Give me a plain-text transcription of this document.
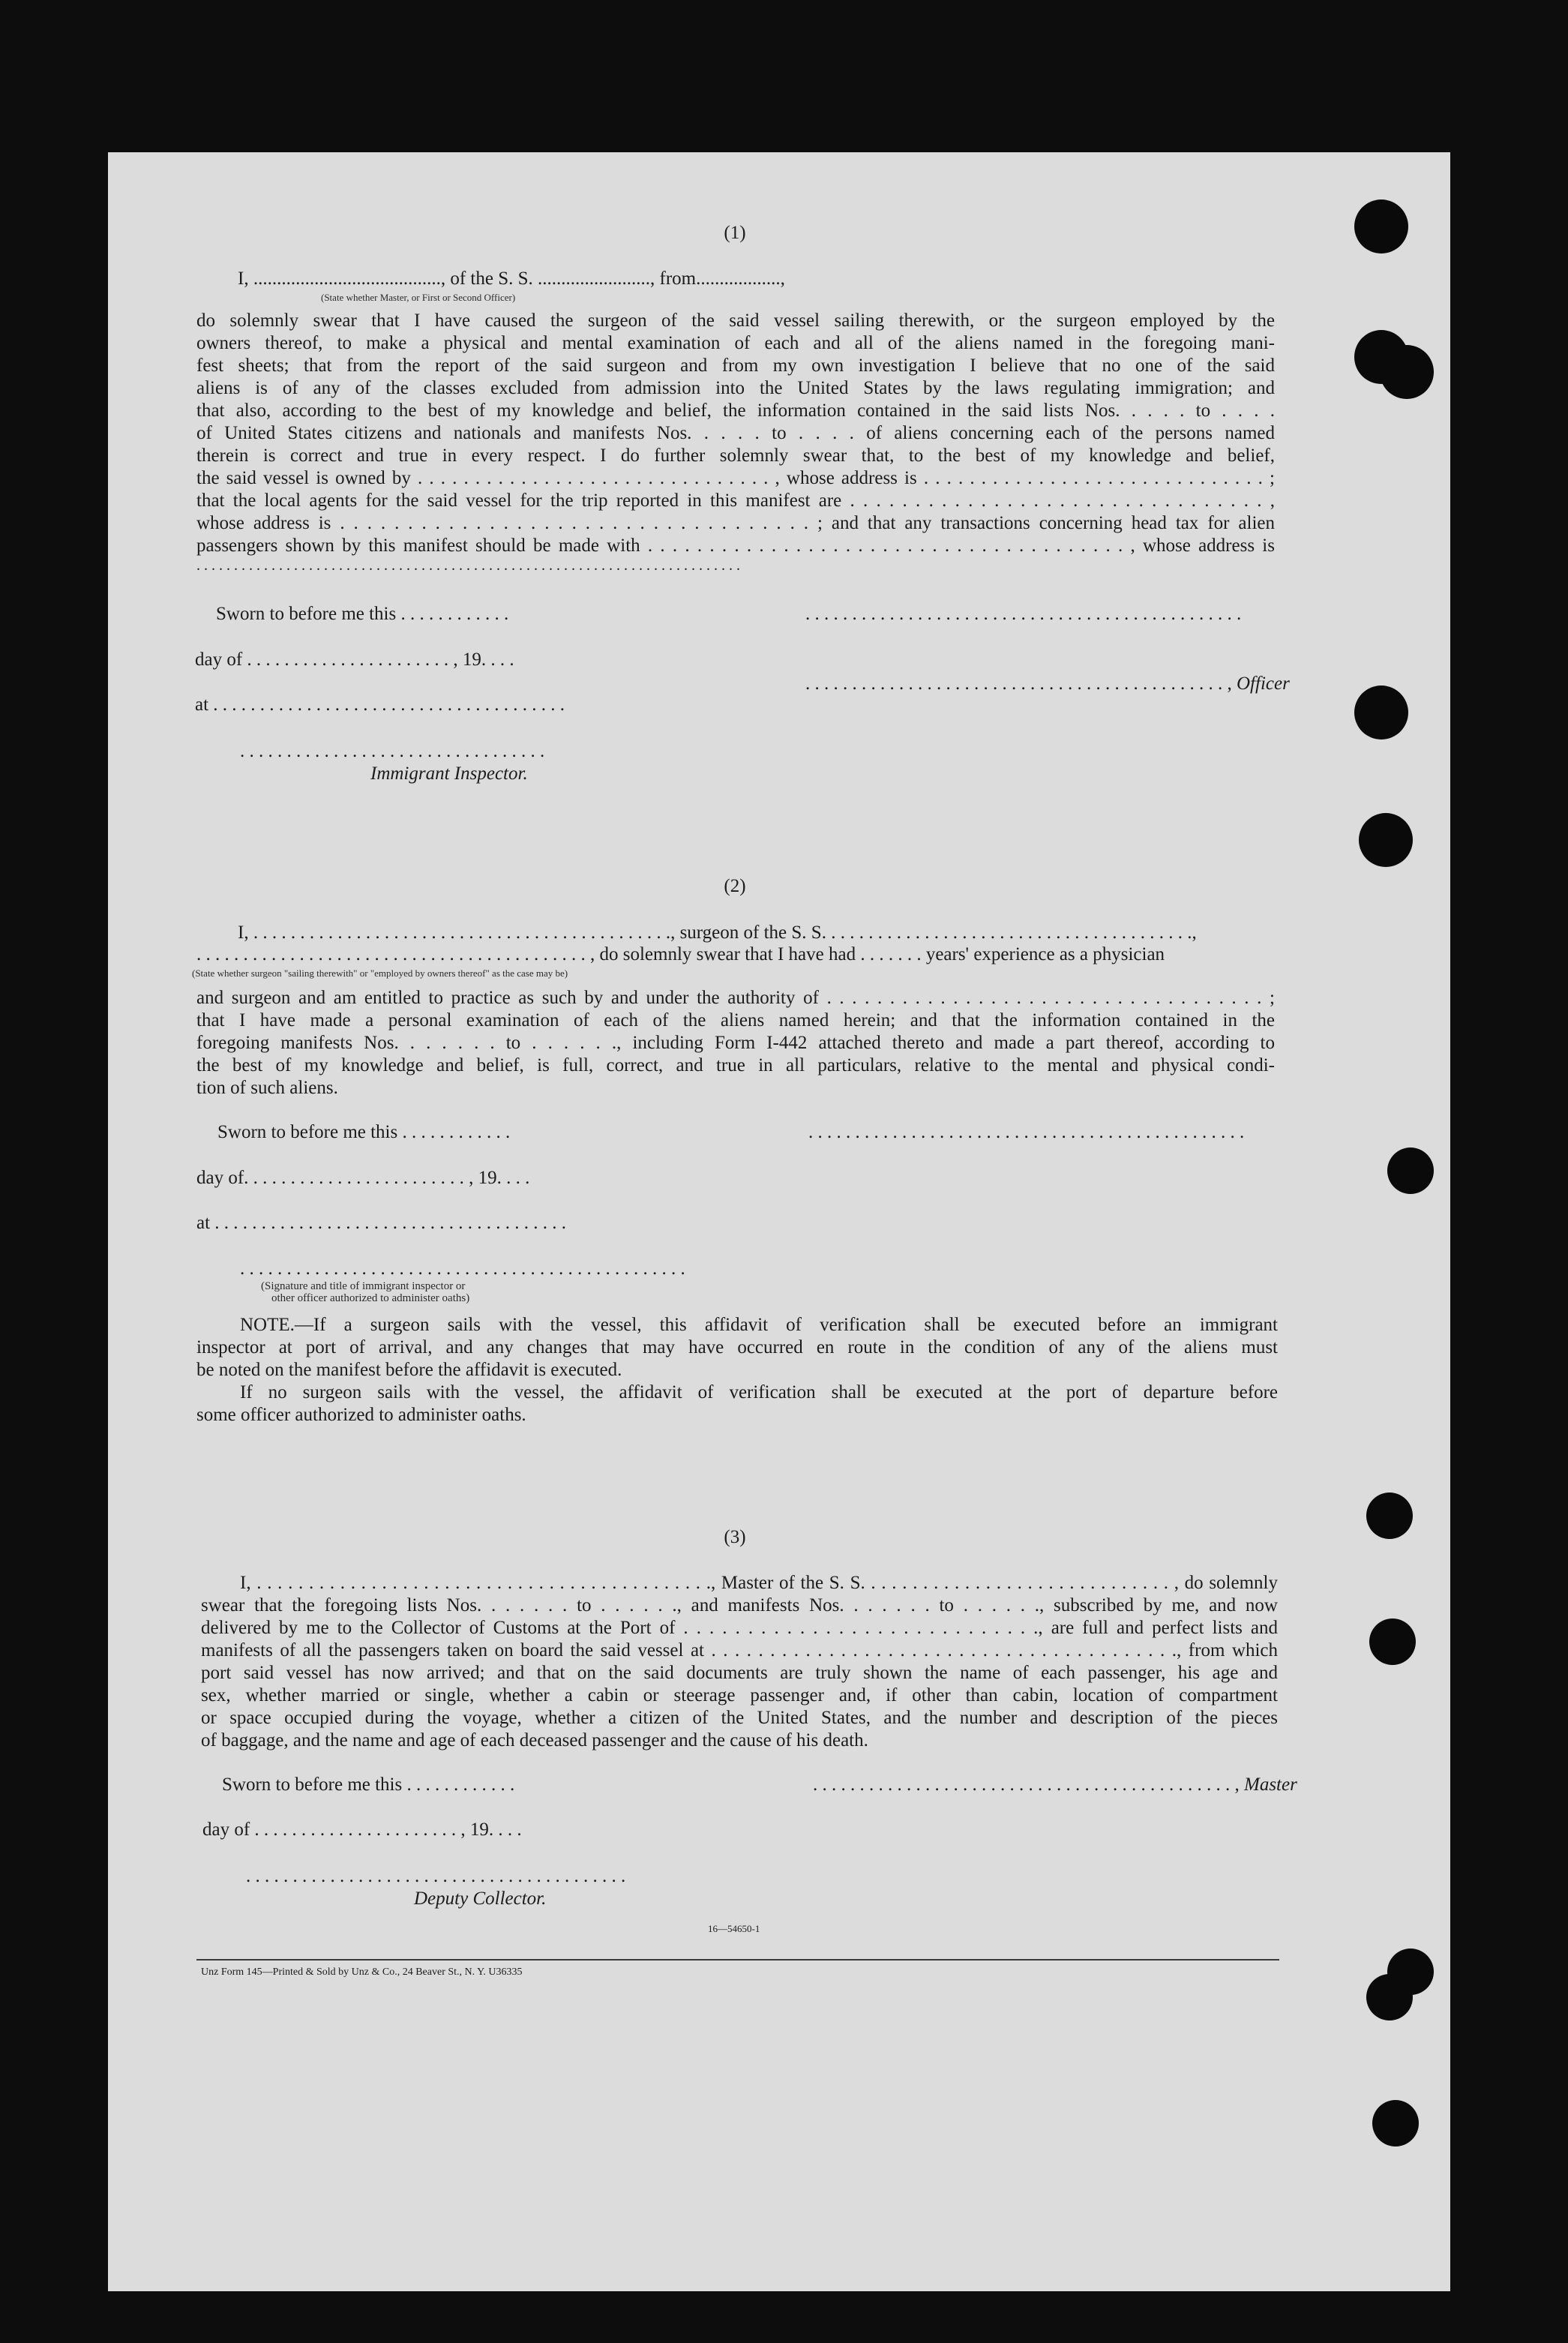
(1)
I, ........................................, of the S. S. ........................, from..................,
(State whether Master, or First or Second Officer)
do solemnly swear that I have caused the surgeon of the said vessel sailing therewith, or the surgeon employed by the
owners thereof, to make a physical and mental examination of each and all of the aliens named in the foregoing mani-
fest sheets; that from the report of the said surgeon and from my own investigation I believe that no one of the said
aliens is of any of the classes excluded from admission into the United States by the laws regulating immigration; and
that also, according to the best of my knowledge and belief, the information contained in the said lists Nos. . . . . to . . . .
of United States citizens and nationals and manifests Nos. . . . . to . . . . of aliens concerning each of the persons named
therein is correct and true in every respect. I do further solemnly swear that, to the best of my knowledge and belief,
the said vessel is owned by . . . . . . . . . . . . . . . . . . . . . . . . . . . . . . . , whose address is . . . . . . . . . . . . . . . . . . . . . . . . . . . . . . ;
that the local agents for the said vessel for the trip reported in this manifest are . . . . . . . . . . . . . . . . . . . . . . . . . . . . . . . . ,
whose address is . . . . . . . . . . . . . . . . . . . . . . . . . . . . . . . . . . . ; and that any transactions concerning head tax for alien
passengers shown by this manifest should be made with . . . . . . . . . . . . . . . . . . . . . . . . . . . . . . . . . . . . . . . , whose address is
. . . . . . . . . . . . . . . . . . . . . . . . . . . . . . . . . . . . . . . . . . . . . . . . . . . . . . . . . . . . . . . . . . . . . . . . .
Sworn to before me this . . . . . . . . . . . .	. . . . . . . . . . . . . . . . . . . . . . . . . . . . . . . . . . . . . . . . . . . . . . .
day of . . . . . . . . . . . . . . . . . . . . . . , 19. . . .
. . . . . . . . . . . . . . . . . . . . . . . . . . . . . . . . . . . . . . . . . . . . . , Officer
at . . . . . . . . . . . . . . . . . . . . . . . . . . . . . . . . . . . . . .
. . . . . . . . . . . . . . . . . . . . . . . . . . . . . . . . .
Immigrant Inspector.
(2)
I, . . . . . . . . . . . . . . . . . . . . . . . . . . . . . . . . . . . . . . . . . . . . ., surgeon of the S. S. . . . . . . . . . . . . . . . . . . . . . . . . . . . . . . . . . . . . . . .,
. . . . . . . . . . . . . . . . . . . . . . . . . . . . . . . . . . . . . . . . . . , do solemnly swear that I have had . . . . . . . years' experience as a physician
(State whether surgeon "sailing therewith" or "employed by owners thereof" as the case may be)
and surgeon and am entitled to practice as such by and under the authority of . . . . . . . . . . . . . . . . . . . . . . . . . . . . . . . . . . . ;
that I have made a personal examination of each of the aliens named herein; and that the information contained in the
foregoing manifests Nos. . . . . . . to . . . . . ., including Form I-442 attached thereto and made a part thereof, according to
the best of my knowledge and belief, is full, correct, and true in all particulars, relative to the mental and physical condi-
tion of such aliens.
Sworn to before me this . . . . . . . . . . . .	. . . . . . . . . . . . . . . . . . . . . . . . . . . . . . . . . . . . . . . . . . . . . . .
day of. . . . . . . . . . . . . . . . . . . . . . . . , 19. . . .
at . . . . . . . . . . . . . . . . . . . . . . . . . . . . . . . . . . . . . .
. . . . . . . . . . . . . . . . . . . . . . . . . . . . . . . . . . . . . . . . . . . . . . . .
(Signature and title of immigrant inspector or
other officer authorized to administer oaths)
NOTE.—If a surgeon sails with the vessel, this affidavit of verification shall be executed before an immigrant
inspector at port of arrival, and any changes that may have occurred en route in the condition of any of the aliens must
be noted on the manifest before the affidavit is executed.
If no surgeon sails with the vessel, the affidavit of verification shall be executed at the port of departure before
some officer authorized to administer oaths.
(3)
I, . . . . . . . . . . . . . . . . . . . . . . . . . . . . . . . . . . . . . . . . . . . ., Master of the S. S. . . . . . . . . . . . . . . . . . . . . . . . . . . . . . , do solemnly
swear that the foregoing lists Nos. . . . . . . to . . . . . ., and manifests Nos. . . . . . . to . . . . . ., subscribed by me, and now
delivered by me to the Collector of Customs at the Port of . . . . . . . . . . . . . . . . . . . . . . . . . . . ., are full and perfect lists and
manifests of all the passengers taken on board the said vessel at . . . . . . . . . . . . . . . . . . . . . . . . . . . . . . . . . . . . . . . ., from which
port said vessel has now arrived; and that on the said documents are truly shown the name of each passenger, his age and
sex, whether married or single, whether a cabin or steerage passenger and, if other than cabin, location of compartment
or space occupied during the voyage, whether a citizen of the United States, and the number and description of the pieces
of baggage, and the name and age of each deceased passenger and the cause of his death.
Sworn to before me this . . . . . . . . . . . .	. . . . . . . . . . . . . . . . . . . . . . . . . . . . . . . . . . . . . . . . . . . . . , Master
day of . . . . . . . . . . . . . . . . . . . . . . , 19. . . .
. . . . . . . . . . . . . . . . . . . . . . . . . . . . . . . . . . . . . . . . .
Deputy Collector.
16—54650-1
Unz Form 145—Printed & Sold by Unz & Co., 24 Beaver St., N. Y. U36335
